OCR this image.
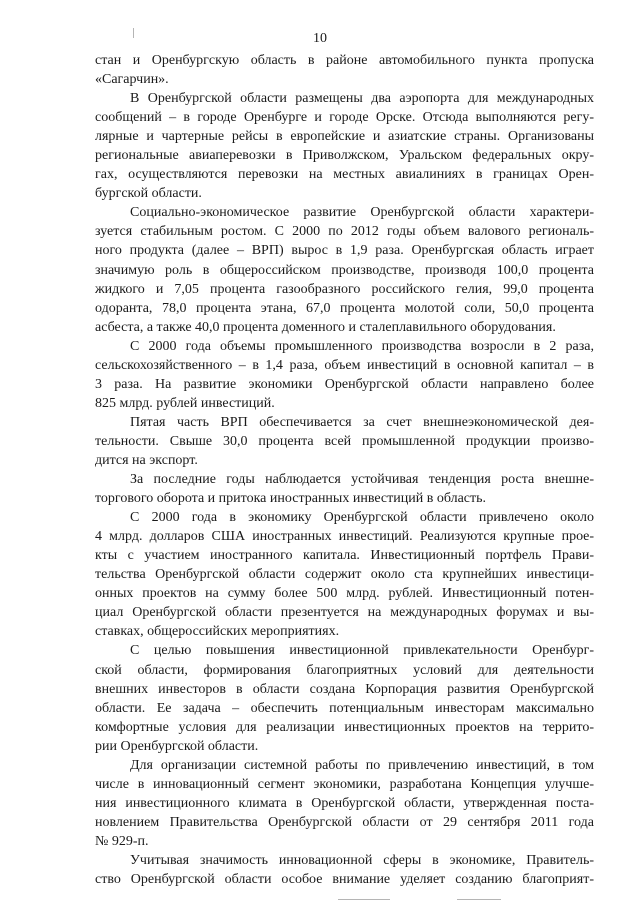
10
стан и Оренбургскую область в районе автомобильного пункта пропуска
«Сагарчин».
В Оренбургской области размещены два аэропорта для международных
сообщений – в городе Оренбурге и городе Орске. Отсюда выполняются регу-
лярные и чартерные рейсы в европейские и азиатские страны. Организованы
региональные авиаперевозки в Приволжском, Уральском федеральных окру-
гах, осуществляются перевозки на местных авиалиниях в границах Орен-
бургской области.
Социально-экономическое развитие Оренбургской области характери-
зуется стабильным ростом. С 2000 по 2012 годы объем валового региональ-
ного продукта (далее – ВРП) вырос в 1,9 раза. Оренбургская область играет
значимую роль в общероссийском производстве, производя 100,0 процента
жидкого и 7,05 процента газообразного российского гелия, 99,0 процента
одоранта, 78,0 процента этана, 67,0 процента молотой соли, 50,0 процента
асбеста, а также 40,0 процента доменного и сталеплавильного оборудования.
С 2000 года объемы промышленного производства возросли в 2 раза,
сельскохозяйственного – в 1,4 раза, объем инвестиций в основной капитал – в
3 раза. На развитие экономики Оренбургской области направлено более
825 млрд. рублей инвестиций.
Пятая часть ВРП обеспечивается за счет внешнеэкономической дея-
тельности. Свыше 30,0 процента всей промышленной продукции произво-
дится на экспорт.
За последние годы наблюдается устойчивая тенденция роста внешне-
торгового оборота и притока иностранных инвестиций в область.
С 2000 года в экономику Оренбургской области привлечено около
4 млрд. долларов США иностранных инвестиций. Реализуются крупные проe-
кты с участием иностранного капитала. Инвестиционный портфель Прави-
тельства Оренбургской области содержит около ста крупнейших инвестици-
онных проектов на сумму более 500 млрд. рублей. Инвестиционный потен-
циал Оренбургской области презентуется на международных форумах и вы-
ставках, общероссийских мероприятиях.
С целью повышения инвестиционной привлекательности Оренбург-
ской области, формирования благоприятных условий для деятельности
внешних инвесторов в области создана Корпорация развития Оренбургской
области. Ее задача – обеспечить потенциальным инвесторам максимально
комфортные условия для реализации инвестиционных проектов на террито-
рии Оренбургской области.
Для организации системной работы по привлечению инвестиций, в том
числе в инновационный сегмент экономики, разработана Концепция улучше-
ния инвестиционного климата в Оренбургской области, утвержденная поста-
новлением Правительства Оренбургской области от 29 сентября 2011 года
№ 929-п.
Учитывая значимость инновационной сферы в экономике, Правитель-
ство Оренбургской области особое внимание уделяет созданию благоприят-
